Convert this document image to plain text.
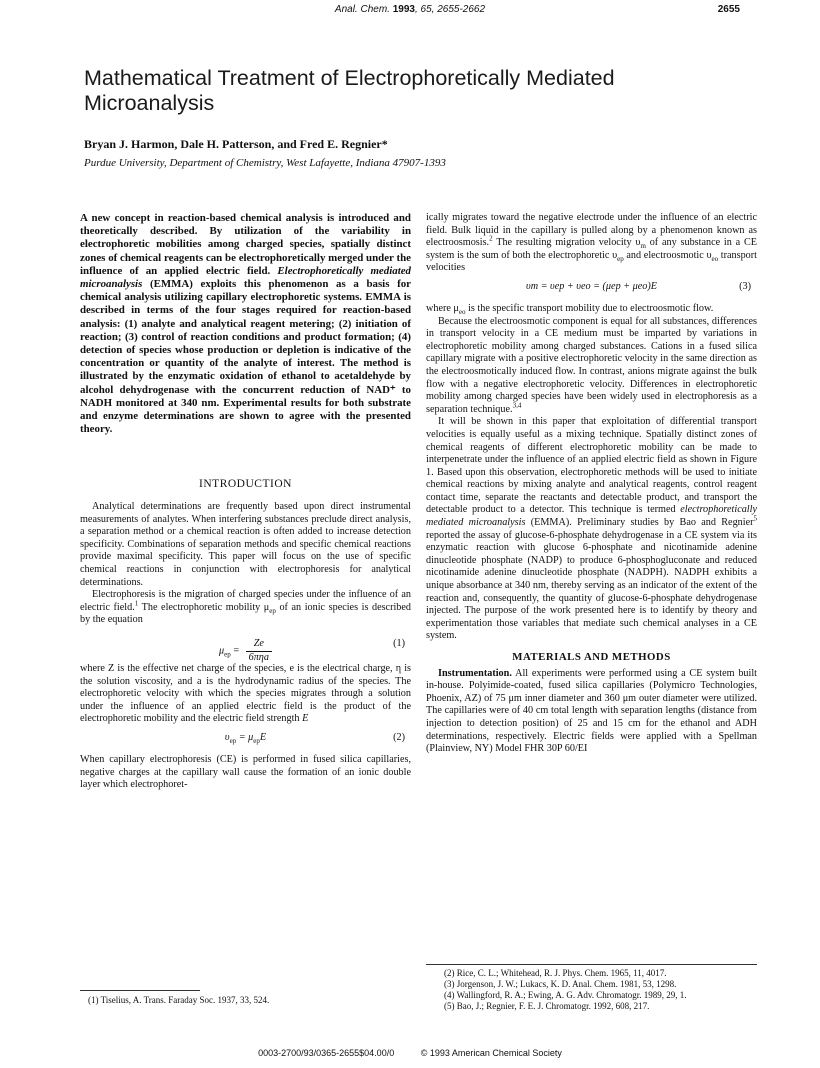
Anal. Chem. 1993, 65, 2655-2662	2655
Mathematical Treatment of Electrophoretically Mediated Microanalysis
Bryan J. Harmon, Dale H. Patterson, and Fred E. Regnier*
Purdue University, Department of Chemistry, West Lafayette, Indiana 47907-1393

A new concept in reaction-based chemical analysis is introduced and theoretically described. By utilization of the variability in electrophoretic mobilities among charged species, spatially distinct zones of chemical reagents can be electrophoretically merged under the influence of an applied electric field. Electrophoretically mediated microanalysis (EMMA) exploits this phenomenon as a basis for chemical analysis utilizing capillary electrophoretic systems. EMMA is described in terms of the four stages required for reaction-based analysis: (1) analyte and analytical reagent metering; (2) initiation of reaction; (3) control of reaction conditions and product formation; (4) detection of species whose production or depletion is indicative of the concentration or quantity of the analyte of interest. The method is illustrated by the enzymatic oxidation of ethanol to acetaldehyde by alcohol dehydrogenase with the concurrent reduction of NAD⁺ to NADH monitored at 340 nm. Experimental results for both substrate and enzyme determinations are shown to agree with the presented theory.

INTRODUCTION

Analytical determinations are frequently based upon direct instrumental measurements of analytes. When interfering substances preclude direct analysis, a separation method or a chemical reaction is often added to increase detection specificity. Combinations of separation methods and specific chemical reactions provide maximal specificity. This paper will focus on the use of specific chemical reactions in conjunction with electrophoresis for analytical determinations.

Electrophoresis is the migration of charged species under the influence of an electric field.$^1$ The electrophoretic mobility $\mu_{ep}$ of an ionic species is described by the equation

$\mu_{ep} = \frac{Ze}{\text{6πηa}}$	(1)

where Z is the effective net charge of the species, e is the electrical charge, η is the solution viscosity, and a is the hydrodynamic radius of the species. The electrophoretic velocity with which the species migrates through a solution under the influence of an applied electric field is the product of the electrophoretic mobility and the electric field strength E

$\upsilon_{ep} = \mu_{ep}E$	(2)

When capillary electrophoresis (CE) is performed in fused silica capillaries, negative charges at the capillary wall cause the formation of an ionic double layer which electrophoret-

ically migrates toward the negative electrode under the influence of an electric field. Bulk liquid in the capillary is pulled along by a phenomenon known as electroosmosis.$^2$ The resulting migration velocity $\upsilon_m$ of any substance in a CE system is the sum of both the electrophoretic $\upsilon_{ep}$ and electroosmotic $\upsilon_{eo}$ transport velocities

υm = υep + υeo = (μep + μeo)E	(3)

where $\mu_{eo}$ is the specific transport mobility due to electroosmotic flow.

Because the electroosmotic component is equal for all substances, differences in transport velocity in a CE medium must be imparted by variations in electrophoretic mobility among charged substances. Cations in a fused silica capillary migrate with a positive electrophoretic velocity in the same direction as the electroosmotically induced flow. In contrast, anions migrate against the bulk flow with a negative electrophoretic velocity. Differences in electrophoretic mobility among charged species have been widely used in electrophoresis as a separation technique.$^{3,4}$

It will be shown in this paper that exploitation of differential transport velocities is equally useful as a mixing technique. Spatially distinct zones of chemical reagents of different electrophoretic mobility can be made to interpenetrate under the influence of an applied electric field as shown in Figure 1. Based upon this observation, electrophoretic methods will be used to initiate chemical reactions by mixing analyte and analytical reagents, control reagent contact time, separate the reactants and detectable product, and transport the detectable product to a detector. This technique is termed electrophoretically mediated microanalysis (EMMA). Preliminary studies by Bao and Regnier$^5$ reported the assay of glucose-6-phosphate dehydrogenase in a CE system via its enzymatic reaction with glucose 6-phosphate and nicotinamide adenine dinucleotide phosphate (NADP) to produce 6-phosphogluconate and reduced nicotinamide adenine dinucleotide phosphate (NADPH). NADPH exhibits a unique absorbance at 340 nm, thereby serving as an indicator of the extent of the reaction and, consequently, the quantity of glucose-6-phosphate dehydrogenase injected. The purpose of the work presented here is to identify by theory and experimentation those variables that mediate such chemical analyses in a CE system.

MATERIALS AND METHODS

Instrumentation. All experiments were performed using a CE system built in-house. Polyimide-coated, fused silica capillaries (Polymicro Technologies, Phoenix, AZ) of 75 μm inner diameter and 360 μm outer diameter were utilized. The capillaries were of 40 cm total length with separation lengths (distance from injection to detection position) of 25 and 15 cm for the ethanol and ADH determinations, respectively. Electric fields were applied with a Spellman (Plainview, NY) Model FHR 30P 60/EI

(1) Tiselius, A. Trans. Faraday Soc. 1937, 33, 524.
(2) Rice, C. L.; Whitehead, R. J. Phys. Chem. 1965, 11, 4017.
(3) Jorgenson, J. W.; Lukacs, K. D. Anal. Chem. 1981, 53, 1298.
(4) Wallingford, R. A.; Ewing, A. G. Adv. Chromatogr. 1989, 29, 1.
(5) Bao, J.; Regnier, F. E. J. Chromatogr. 1992, 608, 217.
0003-2700/93/0365-2655$04.00/0	© 1993 American Chemical Society
